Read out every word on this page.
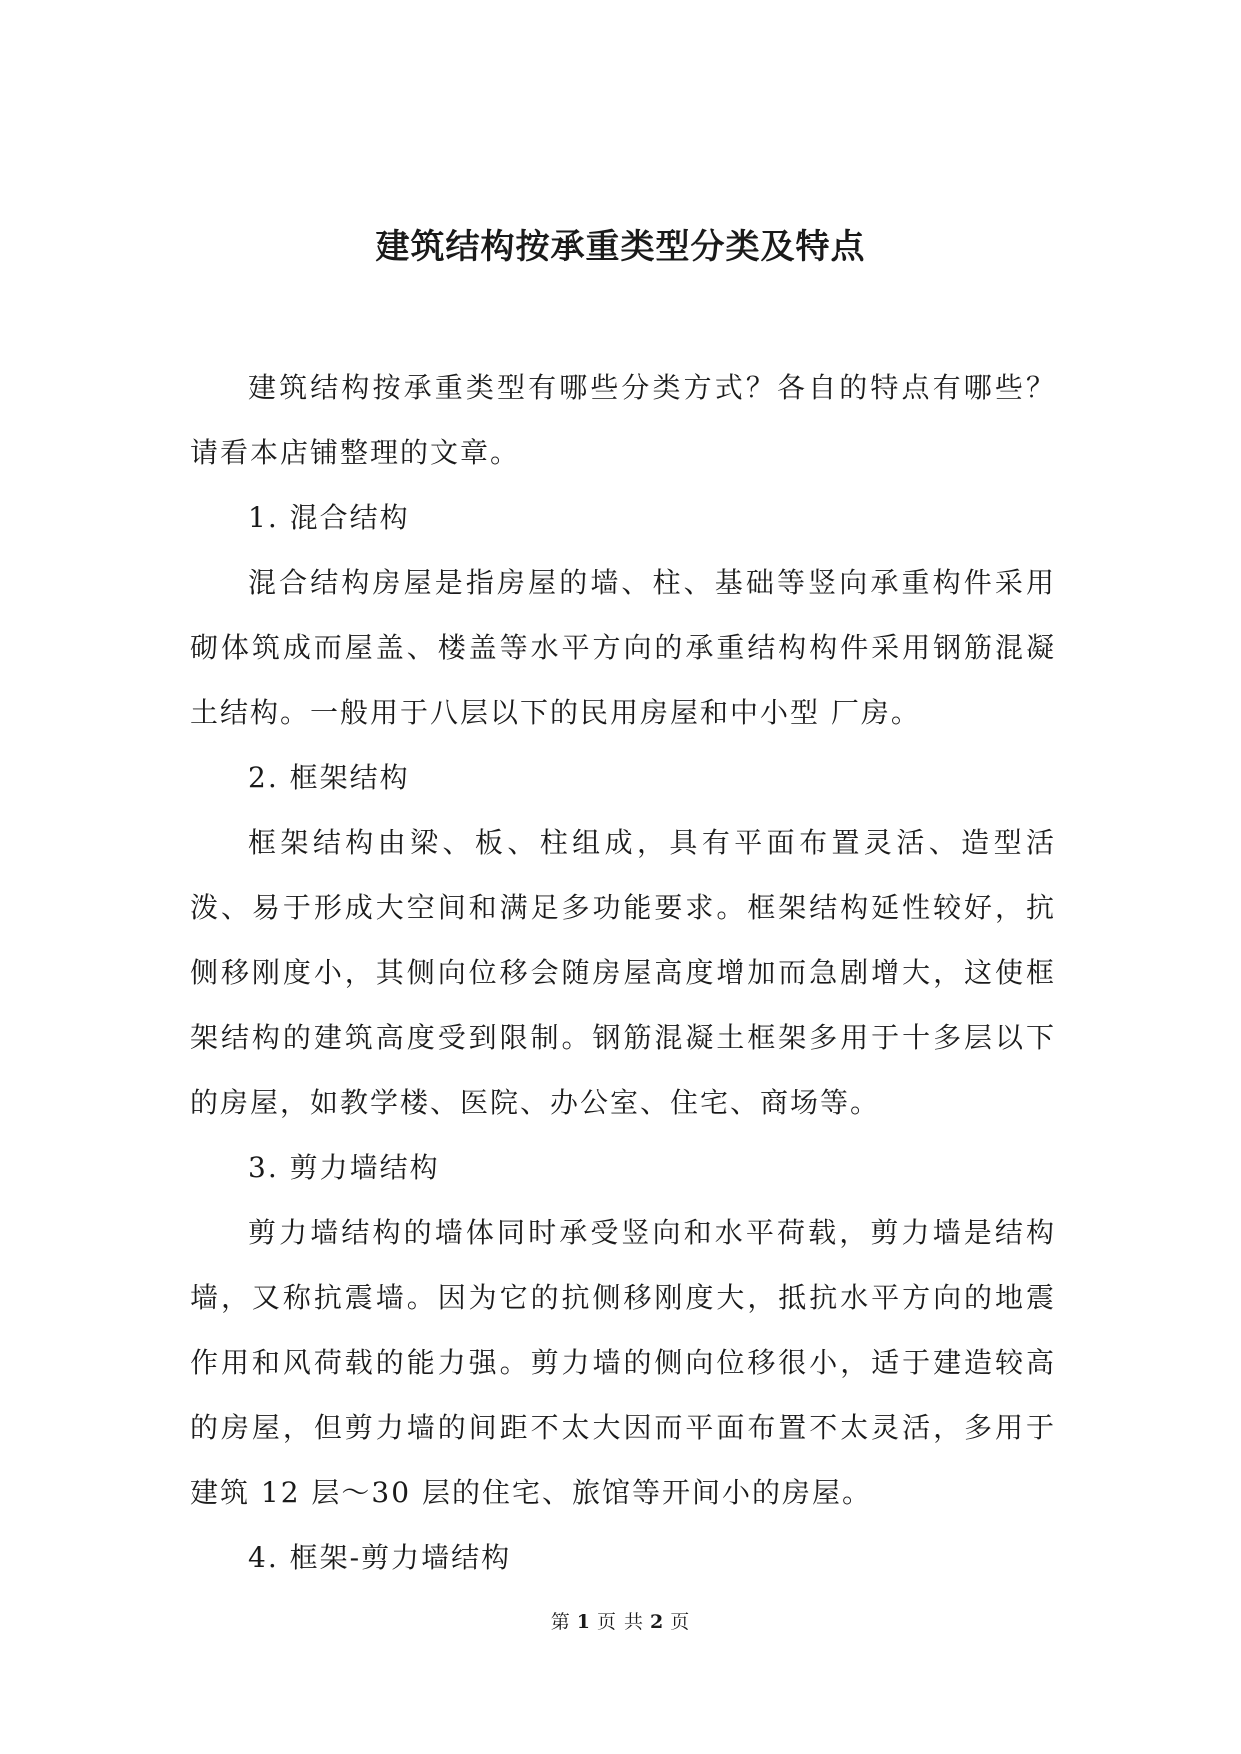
建筑结构按承重类型分类及特点

建筑结构按承重类型有哪些分类方式？各自的特点有哪些？请看本店铺整理的文章。

1. 混合结构

混合结构房屋是指房屋的墙、柱、基础等竖向承重构件采用砌体筑成而屋盖、楼盖等水平方向的承重结构构件采用钢筋混凝土结构。一般用于八层以下的民用房屋和中小型 厂房。

2. 框架结构

框架结构由梁、板、柱组成，具有平面布置灵活、造型活泼、易于形成大空间和满足多功能要求。框架结构延性较好，抗侧移刚度小，其侧向位移会随房屋高度增加而急剧增大，这使框架结构的建筑高度受到限制。钢筋混凝土框架多用于十多层以下的房屋，如教学楼、医院、办公室、住宅、商场等。

3. 剪力墙结构

剪力墙结构的墙体同时承受竖向和水平荷载，剪力墙是结构墙，又称抗震墙。因为它的抗侧移刚度大，抵抗水平方向的地震作用和风荷载的能力强。剪力墙的侧向位移很小，适于建造较高的房屋，但剪力墙的间距不太大因而平面布置不太灵活，多用于建筑 12 层～30 层的住宅、旅馆等开间小的房屋。

4. 框架-剪力墙结构

第 1 页 共 2 页
